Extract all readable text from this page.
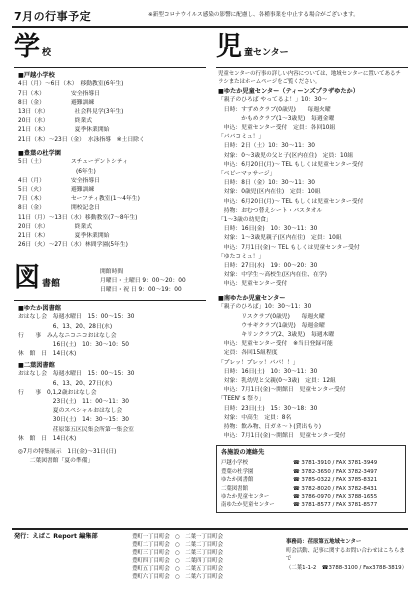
7月の行事予定	※新型コロナウイルス感染の影響に配慮し、各種事業を中止する場合がございます。
学 校
■戸越小学校
4日（月）〜6日（木）　移動教室(6年生)
7日（木）　　　　　安全指導日
8日（金）　　　　　避難訓練
13日（水）　　　　　社会科見学(3年生)
20日（水）　　　　　終業式
21日（木）　　　　　夏季休業開始
21日（木）〜23日（金）　水泳指導　※土日除く
■豊葉の杜学園
5日（土）　　　　　スチューデントシティ
　　　　　　　　　　(6年生)
4日（月）　　　　　安全指導日
5日（火）　　　　　避難訓練
7日（木）　　　　　セーフティ教室(1〜4年生)
8日（金）　　　　　開校記念日
11日（月）〜13日（水）移動教室(7〜8年生)
20日（水）　　　　　終業式
21日（木）　　　　　夏季休業開始
26日（火）〜27日（水）林間学園(5年生)
図 書館
開館時間
月曜日・土曜日 9：00〜20：00
日曜日・祝 日 9：00〜19：00
■ゆたか図書館
おはなし会　毎週水曜日　15：00〜15：30
　　　　　　6、13、20、28日(水)
行　　事　みんなニコニコおはなし会
　　　　　　16日(土)　10：30〜10：50
休　館　日　14日(木)
■二葉図書館
おはなし会　毎週水曜日　15：00〜15：30
　　　　　　6、13、20、27日(水)
行　　事　0,1,2歳おはなし会
　　　　　　23日(土)　11：00〜11：30
　　　　　　夏のスペシャルおはなし会
　　　　　　30日(土)　14：30〜15：30
　　　　　　荏原第五区民集会所第一集会室
休　館　日　14日(木)
◎7月の特集展示　1日(金)〜31日(日)
　　二葉図書館「夏の準備」
児 童センター
児童センターの行事の詳しい内容については、地域センターに置いてあるチラシまたはホームページをご覧ください。
■ゆたか児童センター（ティーンズプラザゆたか）
「親子のひろば やってるよ！」10：30〜
　日時：すずめクラブ(0歳児)　　毎週火曜
　　　　かもめクラブ(1〜3歳児)　毎週金曜
　申込：児童センター受付　定員：各回10組
「パパコミュ！」
　日時：2日（土）10：30〜11：30
　対象：0〜3歳児の父と子(区内在住)　定員：10組
　申込：6月20日(月)〜 TEL もしくは児童センター受付
「ベビーマッサージ」
　日時：8日（金）10：30〜11：30
　対象：0歳児(区内在住)　定員：10組
　申込：6月20日(月)〜 TEL もしくは児童センター受付
　持物：おむつ替えシート・バスタオル
「1〜3歳の幼児食」
　日時：16日(金)　10：30〜11：30
　対象：1〜3歳児親子(区内在住)　定員：10組
　申込：7月1日(金)〜 TEL もしくは児童センター受付
「ゆたコミュ！」
　日時：27日(水)　19：00〜20：30
　対象：中学生〜高校生(区内在住、在学)
　申込：児童センター受付
■南ゆたか児童センター
「親子のひろば」10：30〜11：30
　　　　リスクラブ(0歳児)　　毎週火曜
　　　　ウサギクラブ(1歳児)　毎週金曜
　　　　キリンクラブ(2、3歳児)　毎週木曜
　申込：児童センター受付　※当日登録可能
　定員：各回15組程度
「プレッ！プレッ！パパ！！」
　日時：16日(土)　10：30〜11：30
　対象：乳幼児と父親(0〜3歳)　定員：12組
　申込：7月1日(金)〜開館日　児童センター受付
「TEEN' s 祭り」
　日時：23日(土)　15：30〜18：30
　対象：中高生　定員：8名
　持物：飲み物、日ガネ〜ト(貸出もり)
　申込：7月1日(金)〜開館日　児童センター受付
各施設の連絡先
戸越小学校	☎ 3781-3910 / FAX 3781-3949
豊葉の杜学園	☎ 3782-3650 / FAX 3782-3497
ゆたか図書館	☎ 3785-0322 / FAX 3785-8321
二葉図書館	☎ 3782-8020 / FAX 3782-8431
ゆたか児童センター	☎ 3786-0970 / FAX 3788-1655
南ゆたか児童センター	☎ 3781-8577 / FAX 3781-8577
発行：えばこ Report 編集部	豊町一丁目町会　○　二葉一丁目町会
豊町二丁目町会　○　二葉二丁目町会
豊町三丁目町会　○　二葉三丁目町会
豊町四丁目町会　○　二葉四丁目町会
豊町五丁目町会　○　二葉五丁目町会
豊町六丁目町会　○　二葉六丁目町会
事務局：荏原第五地域センター
町会活動、記事に関するお問い合わせはこちらまで
（二葉1-1-2　☎3788-3100 / Fax3788-3819）
